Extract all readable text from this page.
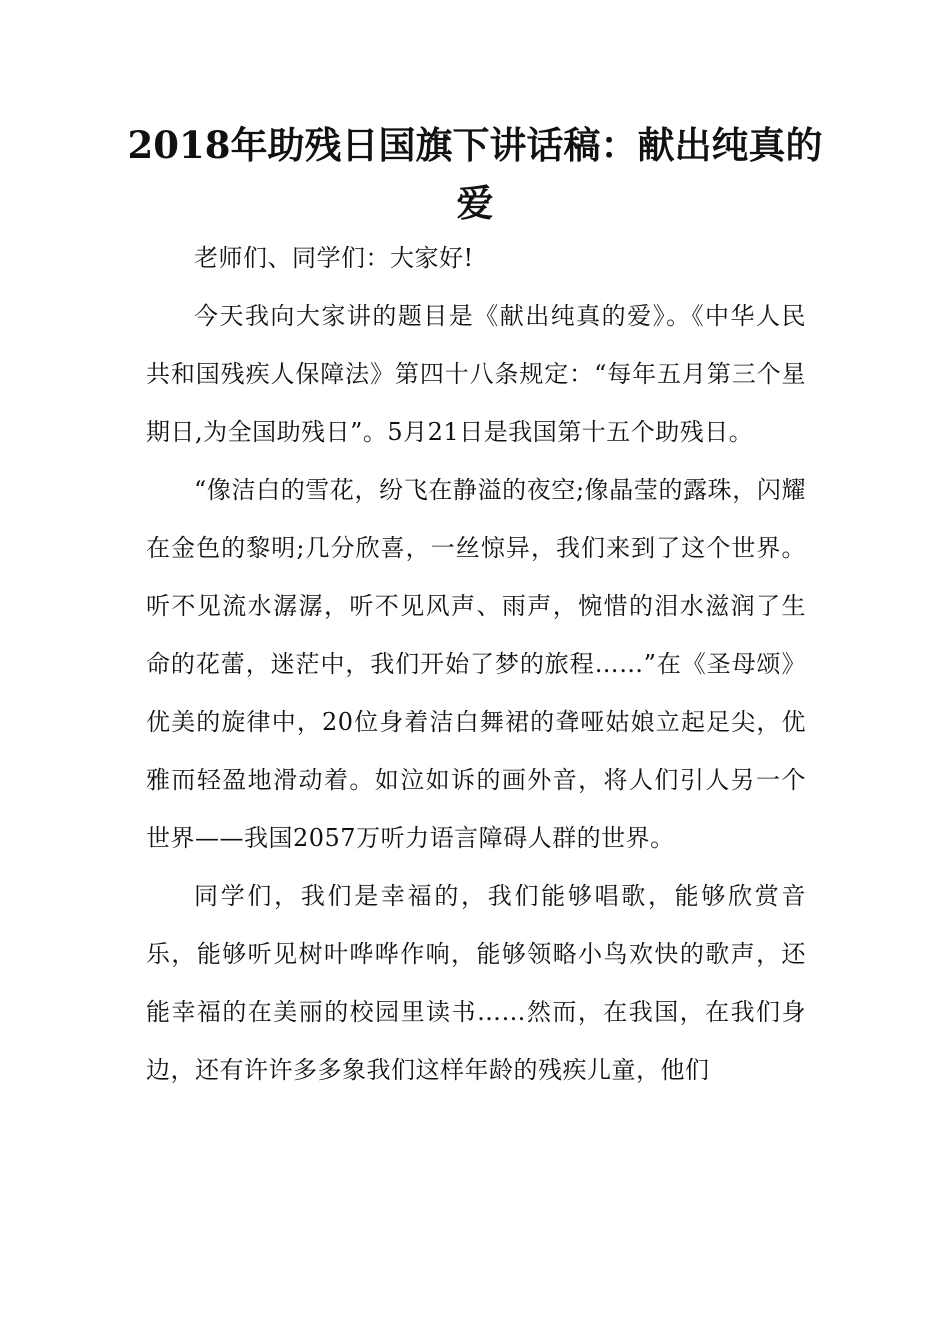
2018年助残日国旗下讲话稿：献出纯真的爱

老师们、同学们：大家好!

今天我向大家讲的题目是《献出纯真的爱》。《中华人民共和国残疾人保障法》第四十八条规定：“每年五月第三个星期日,为全国助残日”。5月21日是我国第十五个助残日。

“像洁白的雪花，纷飞在静溢的夜空;像晶莹的露珠，闪耀在金色的黎明;几分欣喜，一丝惊异，我们来到了这个世界。听不见流水潺潺，听不见风声、雨声，惋惜的泪水滋润了生命的花蕾，迷茫中，我们开始了梦的旅程……”在《圣母颂》优美的旋律中，20位身着洁白舞裙的聋哑姑娘立起足尖，优雅而轻盈地滑动着。如泣如诉的画外音，将人们引人另一个世界——我国2057万听力语言障碍人群的世界。

同学们，我们是幸福的，我们能够唱歌，能够欣赏音乐，能够听见树叶哗哗作响，能够领略小鸟欢快的歌声，还能幸福的在美丽的校园里读书……然而，在我国，在我们身边，还有许许多多象我们这样年龄的残疾儿童，他们
